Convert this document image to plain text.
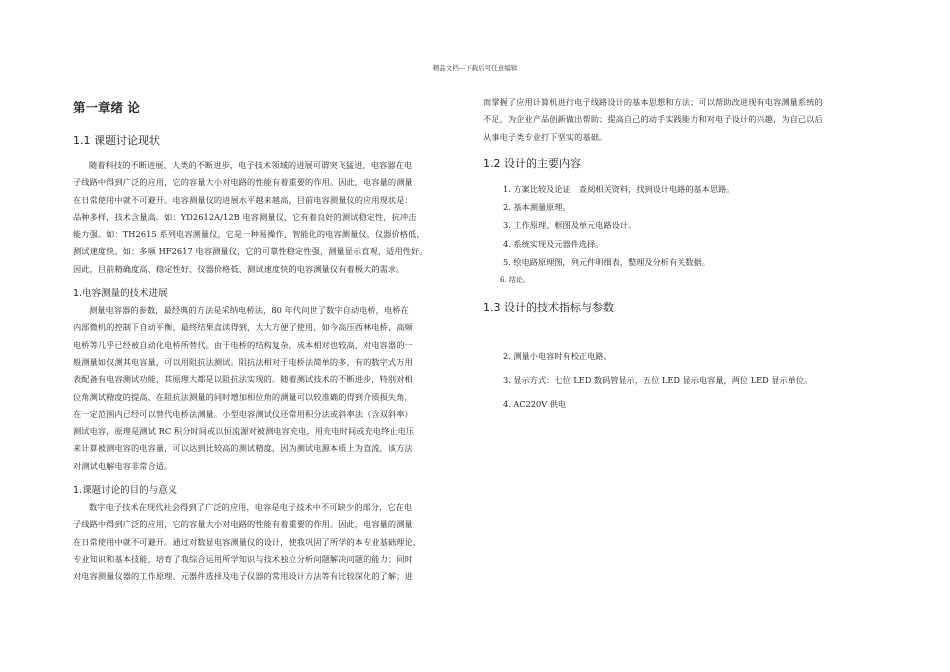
精品文档---下载后可任意编辑
第一章绪 论
1.1 课题讨论现状

随着科技的不断进展，人类的不断进步，电子技术领域的进展可谓突飞猛进，电容器在电
子线路中得到广泛的应用，它的容量大小对电路的性能有着重要的作用。因此，电容量的测量
在日常使用中就不可避开。电容测量仪的进展水平越来越高，目前电容测量仪的应用现状是：
品种多样，技术含量高。如：YD2612A/12B 电容测量仪，它有着良好的测试稳定性，抗冲击
能力强。如：TH2615 系列电容测量仪，它是一种易操作、智能化的电容测量仪，仪器价格低，
测试速度快。如：多频 HF2617 电容测量仪，它的可靠性稳定性强，测量显示直观，适用性好。
因此，目前精确度高、稳定性好、仪器价格低、测试速度快的电容测量仪有着极大的需求。

1.电容测量的技术进展

测量电容器的参数，最经典的方法是采纳电桥法，80 年代问世了数字自动电桥，电桥在
内部微机的控制下自动平衡，最终结果直读得到，大大方便了使用，如今高压西林电桥、高频
电桥等几乎已经被自动化电桥所替代。由于电桥的结构复杂，成本相对也较高，对电容器的一
般测量如仅测其电容量，可以用阻抗法测试。阻抗法相对于电桥法简单的多，有的数字式万用
表配备有电容测试功能，其原理大都是以阻抗法实现的。随着测试技术的不断进步，特别对相
位角测试精度的提高，在阻抗法测量的同时增加相位角的测量可以较准确的得到介质损失角，
在一定范围内已经可以替代电桥法测量。小型电容测试仪还常用积分法或斜率法（含双斜率）
测试电容，原理是测试 RC 积分时间或以恒流源对被测电容充电，用充电时间或充电终止电压
来计算被测电容的电容量，可以达到比较高的测试精度，因为测试电源本质上为直流，该方法
对测试电解电容非常合适。

1.课题讨论的目的与意义

数字电子技术在现代社会得到了广泛的应用，电容是电子技术中不可缺少的部分，它在电
子线路中得到广泛的应用，它的容量大小对电路的性能有着重要的作用。因此，电容量的测量
在日常使用中就不可避开。通过对数显电容测量仪的设计，使我巩固了所学的本专业基础理论、
专业知识和基本技能，培育了我综合运用所学知识与技术独立分析问题解决问题的能力；同时
对电容测量仪器的工作原理、元器件选择及电子仪器的常用设计方法等有比较深化的了解；进

而掌握了应用计算机进行电子线路设计的基本思想和方法；可以帮助改进现有电容测量系统的
不足，为企业产品创新做出帮助；提高自己的动手实践能力和对电子设计的兴趣，为自己以后
从事电子类专业打下坚实的基础。

1.2 设计的主要内容
1. 方案比较及论证　查阅相关资料，找到设计电路的基本思路。
2. 基本测量原理。
3. 工作原理、框图及单元电路设计。
4. 系统实现及元器件选择。
5. 绘电路原理图，列元件明细表，整理及分析有关数据。
6. 结论。
1.3 设计的技术指标与参数
2. 测量小电容时有校正电路。
3. 显示方式：七位 LED 数码管显示，五位 LED 显示电容量，两位 LED 显示单位。
4. AC220V 供电
